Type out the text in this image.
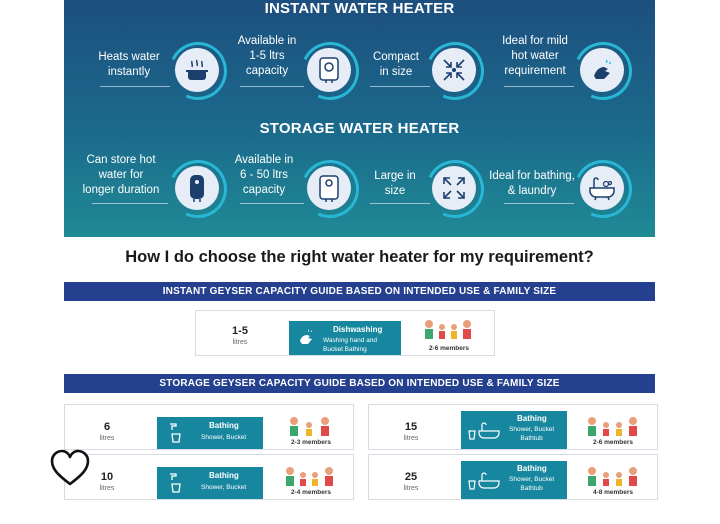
INSTANT WATER HEATER
Heats water
instantly
Available in
1-5 ltrs
capacity
Compact
in size
Ideal for mild
hot water
requirement
STORAGE WATER HEATER
Can store hot
water for
longer duration
Available in
6 - 50 ltrs
capacity
Large in
size
Ideal for bathing,
& laundry
How I do choose the right water heater for my requirement?
INSTANT GEYSER CAPACITY GUIDE BASED ON INTENDED USE & FAMILY SIZE
1-5
litres
Dishwashing
Washing hand and
Bucket Bathing	2-6 members
STORAGE GEYSER CAPACITY GUIDE BASED ON INTENDED USE & FAMILY SIZE
6
litres
Bathing
Shower, Bucket
2-3 members
15
litres
Bathing
Shower, Bucket
Bathtub
2-6 members
10
litres
Bathing
Shower, Bucket
2-4 members
25
litres
Bathing
Shower, Bucket
Bathtub
4-8 members
